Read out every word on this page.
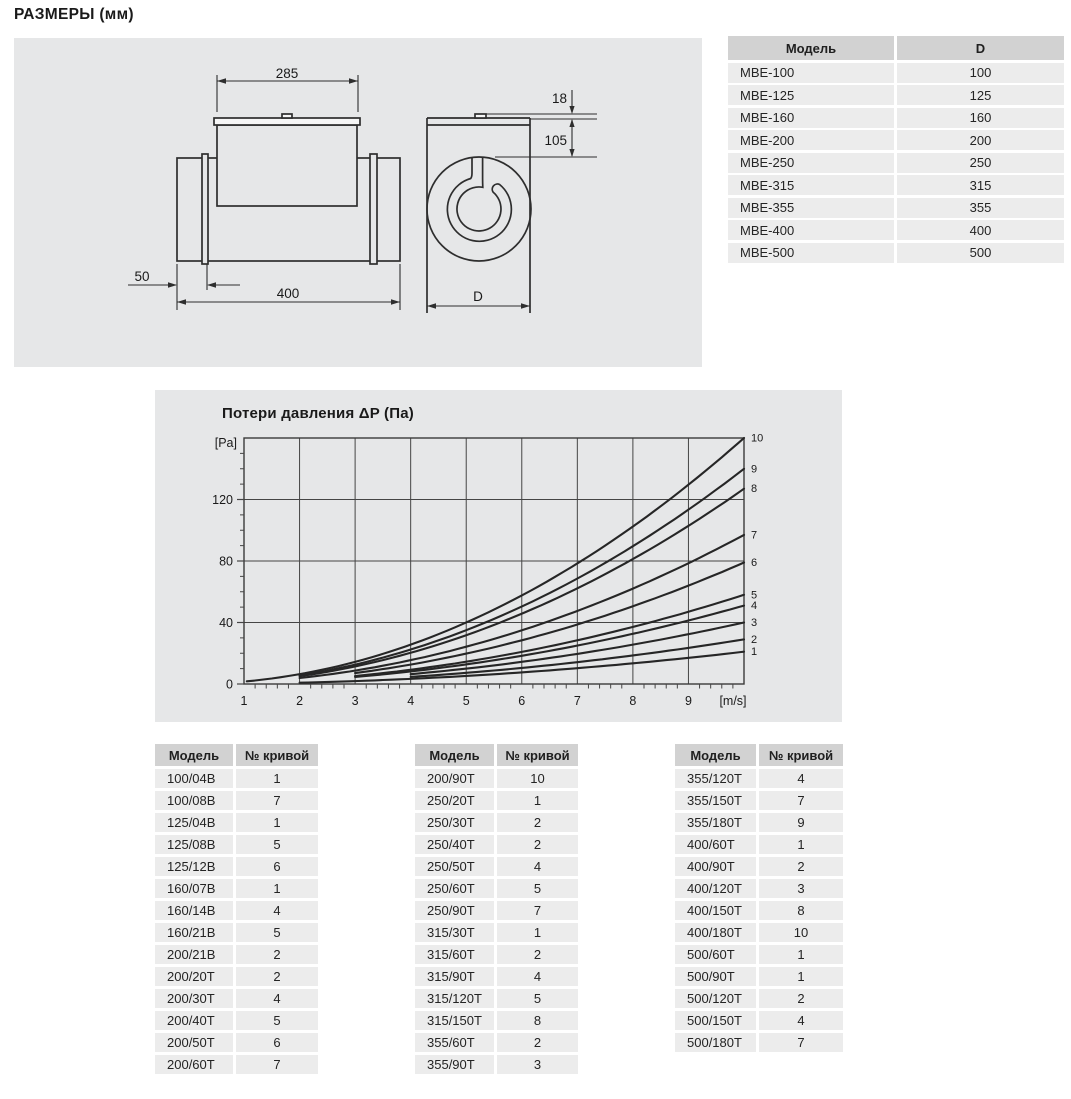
РАЗМЕРЫ (мм)
285
50
400
18
105
D
Модель	D
МВЕ-100	100
МВЕ-125	125
МВЕ-160	160
МВЕ-200	200
МВЕ-250	250
МВЕ-315	315
МВЕ-355	355
МВЕ-400	400
МВЕ-500	500
Потери давления ΔP (Па)
1	2	3	4	5	6	7	8	9 [m/s]
0
40
80
120
[Pa]
1
2
3
4
5
6
7
8
9
10
Модель	№ кривой
100/04B	1
100/08B	7
125/04B	1
125/08B	5
125/12B	6
160/07B	1
160/14B	4
160/21B	5
200/21B	2
200/20T	2
200/30T	4
200/40T	5
200/50T	6
200/60T	7
Модель	№ кривой
200/90T	10
250/20T	1
250/30T	2
250/40T	2
250/50T	4
250/60T	5
250/90T	7
315/30T	1
315/60T	2
315/90T	4
315/120T	5
315/150T	8
355/60T	2
355/90T	3
Модель	№ кривой
355/120T	4
355/150T	7
355/180T	9
400/60T	1
400/90T	2
400/120T	3
400/150T	8
400/180T	10
500/60T	1
500/90T	1
500/120T	2
500/150T	4
500/180T	7
